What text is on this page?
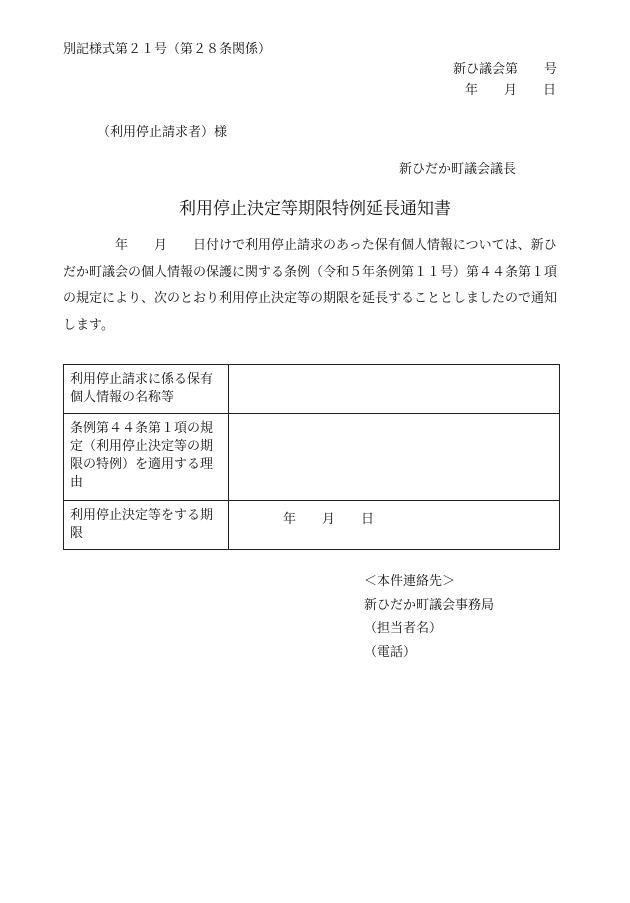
別記様式第２１号（第２８条関係）
新ひ議会第　　号
年　　月　　日
（利用停止請求者）様
新ひだか町議会議長
利用停止決定等期限特例延長通知書
年　　月　　 日付けで利用停止請求のあった保有個人情報については、新ひだか町議会の個人情報の保護に関する条例（令和５年条例第１１号）第４４条第１項の規定により、次のとおり利用停止決定等の期限を延長することとしましたので通知します。
利用停止請求に係る保有個人情報の名称等	
条例第４４条第１項の規定（利用停止決定等の期限の特例）を適用する理由	
利用停止決定等をする期限	年　　月　　日
＜本件連絡先＞
新ひだか町議会事務局
（担当者名）
（電話）
